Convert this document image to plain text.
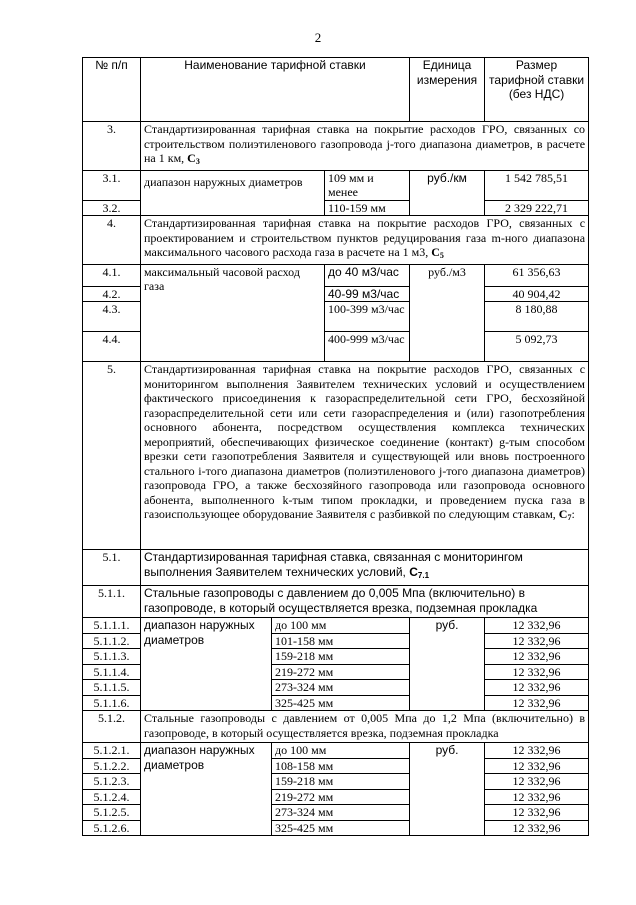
2
№ п/п	Наименование тарифной ставки			Единица измерения	Размер тарифной ставки (без НДС)
3.	Стандартизированная тарифная ставка на покрытие расходов ГРО, связанных со строительством полиэтиленового газопровода j-того диапазона диаметров, в расчете на 1 км, $C_3$
3.1.	диапазон наружных диаметров		109 мм и менее	руб./км	1 542 785,51
3.2.			110-159 мм		2 329 222,71
4.	Стандартизированная тарифная ставка на покрытие расходов ГРО, связанных с проектированием и строительством пунктов редуцирования газа m-ного диапазона максимального часового расхода газа в расчете на 1 м3, $C_5$
4.1.	максимальный часовой расход газа		до 40 м3/час	руб./м3	61 356,63
4.2.			40-99 м3/час		40 904,42
4.3.			100-399 м3/час		8 180,88
4.4.			400-999 м3/час		5 092,73
5.	Стандартизированная тарифная ставка на покрытие расходов ГРО, связанных с мониторингом выполнения Заявителем технических условий и осуществлением фактического присоединения к газораспределительной сети ГРО, бесхозяйной газораспределительной сети или сети газораспределения и (или) газопотребления основного абонента, посредством осуществления комплекса технических мероприятий, обеспечивающих физическое соединение (контакт) g-тым способом врезки сети газопотребления Заявителя и существующей или вновь построенного стального i-того диапазона диаметров (полиэтиленового j-того диапазона диаметров) газопровода ГРО, а также бесхозяйного газопровода или газопровода основного абонента, выполненного k-тым типом прокладки, и проведением пуска газа в газоиспользующее оборудование Заявителя с разбивкой по следующим ставкам, $C_7$:				
5.1.	Стандартизированная тарифная ставка, связанная с мониторингом выполнения Заявителем технических условий, $C_{7.1}$
5.1.1.	Стальные газопроводы с давлением до 0,005 Мпа (включительно) в газопроводе, в который осуществляется врезка, подземная прокладка				
5.1.1.1.	диапазон наружных диаметров	до 100 мм		руб.	12 332,96
5.1.1.2.		101-158 мм			12 332,96
5.1.1.3.		159-218 мм			12 332,96
5.1.1.4.		219-272 мм			12 332,96
5.1.1.5.		273-324 мм			12 332,96
5.1.1.6.		325-425 мм			12 332,96
5.1.2.	Стальные газопроводы с давлением от 0,005 Мпа до 1,2 Мпа (включительно) в газопроводе, в который осуществляется врезка, подземная прокладка				
5.1.2.1.	диапазон наружных диаметров	до 100 мм		руб.	12 332,96
5.1.2.2.		108-158 мм			12 332,96
5.1.2.3.		159-218 мм			12 332,96
5.1.2.4.		219-272 мм			12 332,96
5.1.2.5.		273-324 мм			12 332,96
5.1.2.6.		325-425 мм			12 332,96
